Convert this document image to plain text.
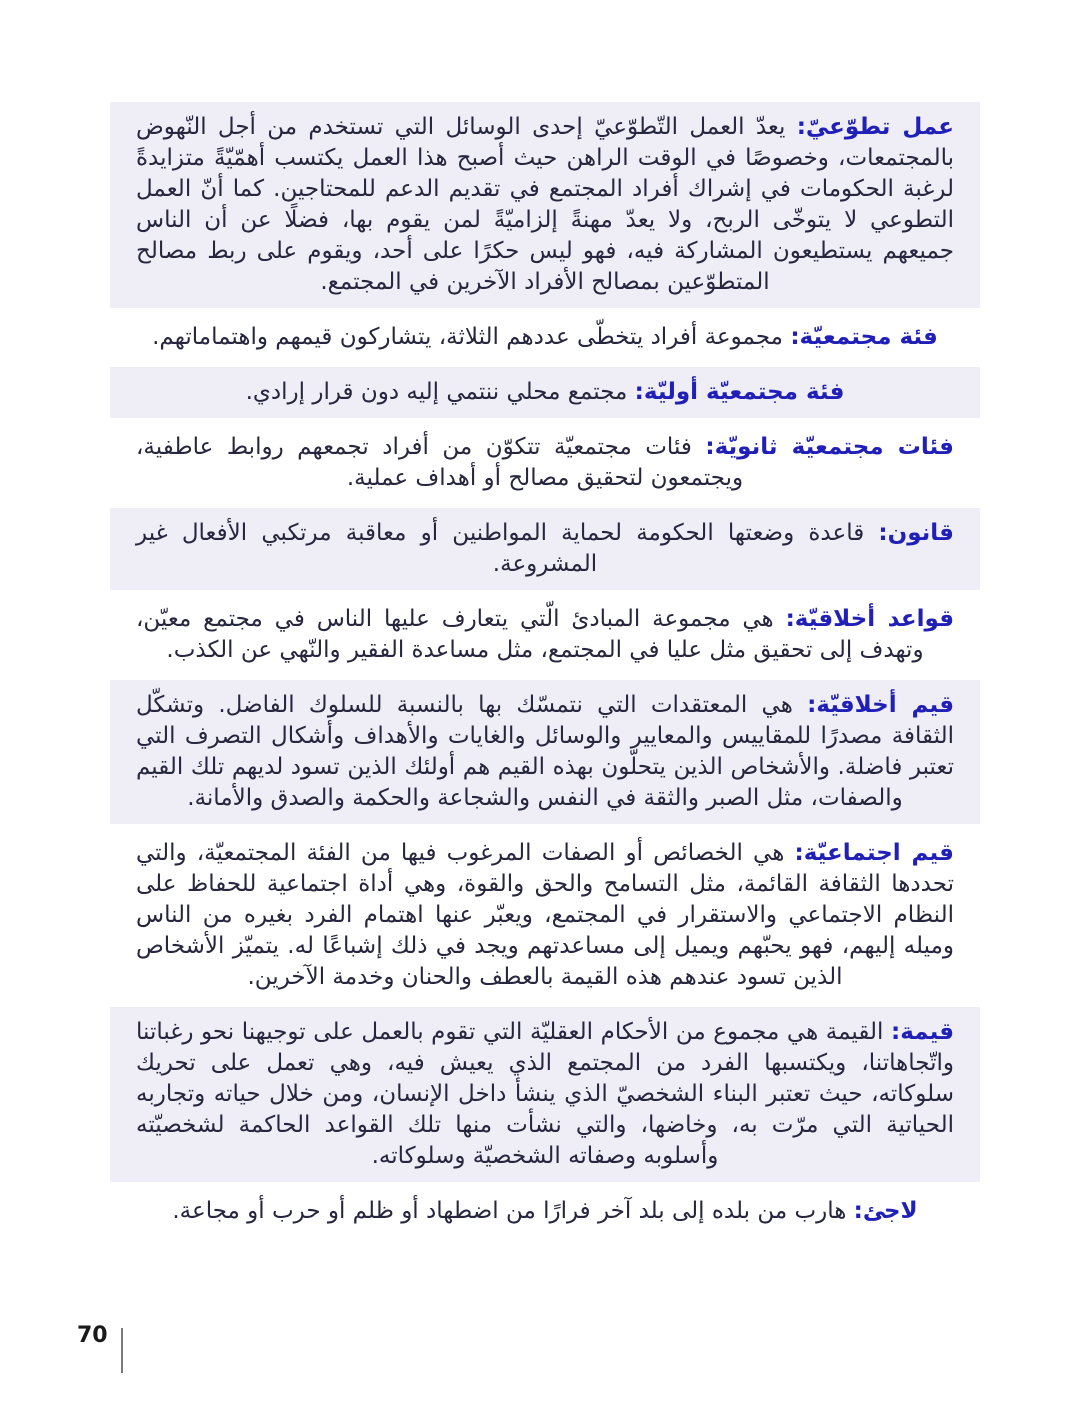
عمل تطوّعيّ: يعدّ العمل التّطوّعيّ إحدى الوسائل التي تستخدم من أجل النّهوض بالمجتمعات، وخصوصًا في الوقت الراهن حيث أصبح هذا العمل يكتسب أهمّيّةً متزايدةً لرغبة الحكومات في إشراك أفراد المجتمع في تقديم الدعم للمحتاجين. كما أنّ العمل التطوعي لا يتوخّى الربح، ولا يعدّ مهنةً إلزاميّةً لمن يقوم بها، فضلًا عن أن الناس جميعهم يستطيعون المشاركة فيه، فهو ليس حكرًا على أحد، ويقوم على ربط مصالح المتطوّعين بمصالح الأفراد الآخرين في المجتمع.

فئة مجتمعيّة: مجموعة أفراد يتخطّى عددهم الثلاثة، يتشاركون قيمهم واهتماماتهم.

فئة مجتمعيّة أوليّة: مجتمع محلي ننتمي إليه دون قرار إرادي.

فئات مجتمعيّة ثانويّة: فئات مجتمعيّة تتكوّن من أفراد تجمعهم روابط عاطفية، ويجتمعون لتحقيق مصالح أو أهداف عملية.

قانون: قاعدة وضعتها الحكومة لحماية المواطنين أو معاقبة مرتكبي الأفعال غير المشروعة.

قواعد أخلاقيّة: هي مجموعة المبادئ الّتي يتعارف عليها الناس في مجتمع معيّن، وتهدف إلى تحقيق مثل عليا في المجتمع، مثل مساعدة الفقير والنّهي عن الكذب.

قيم أخلاقيّة: هي المعتقدات التي نتمسّك بها بالنسبة للسلوك الفاضل. وتشكّل الثقافة مصدرًا للمقاييس والمعايير والوسائل والغايات والأهداف وأشكال التصرف التي تعتبر فاضلة. والأشخاص الذين يتحلّون بهذه القيم هم أولئك الذين تسود لديهم تلك القيم والصفات، مثل الصبر والثقة في النفس والشجاعة والحكمة والصدق والأمانة.

قيم اجتماعيّة: هي الخصائص أو الصفات المرغوب فيها من الفئة المجتمعيّة، والتي تحددها الثقافة القائمة، مثل التسامح والحق والقوة، وهي أداة اجتماعية للحفاظ على النظام الاجتماعي والاستقرار في المجتمع، ويعبّر عنها اهتمام الفرد بغيره من الناس وميله إليهم، فهو يحبّهم ويميل إلى مساعدتهم ويجد في ذلك إشباعًا له. يتميّز الأشخاص الذين تسود عندهم هذه القيمة بالعطف والحنان وخدمة الآخرين.

قيمة: القيمة هي مجموع من الأحكام العقليّة التي تقوم بالعمل على توجيهنا نحو رغباتنا واتّجاهاتنا، ويكتسبها الفرد من المجتمع الذي يعيش فيه، وهي تعمل على تحريك سلوكاته، حيث تعتبر البناء الشخصيّ الذي ينشأ داخل الإنسان، ومن خلال حياته وتجاربه الحياتية التي مرّت به، وخاضها، والتي نشأت منها تلك القواعد الحاكمة لشخصيّته وأسلوبه وصفاته الشخصيّة وسلوكاته.

لاجئ: هارب من بلده إلى بلد آخر فرارًا من اضطهاد أو ظلم أو حرب أو مجاعة.

70
